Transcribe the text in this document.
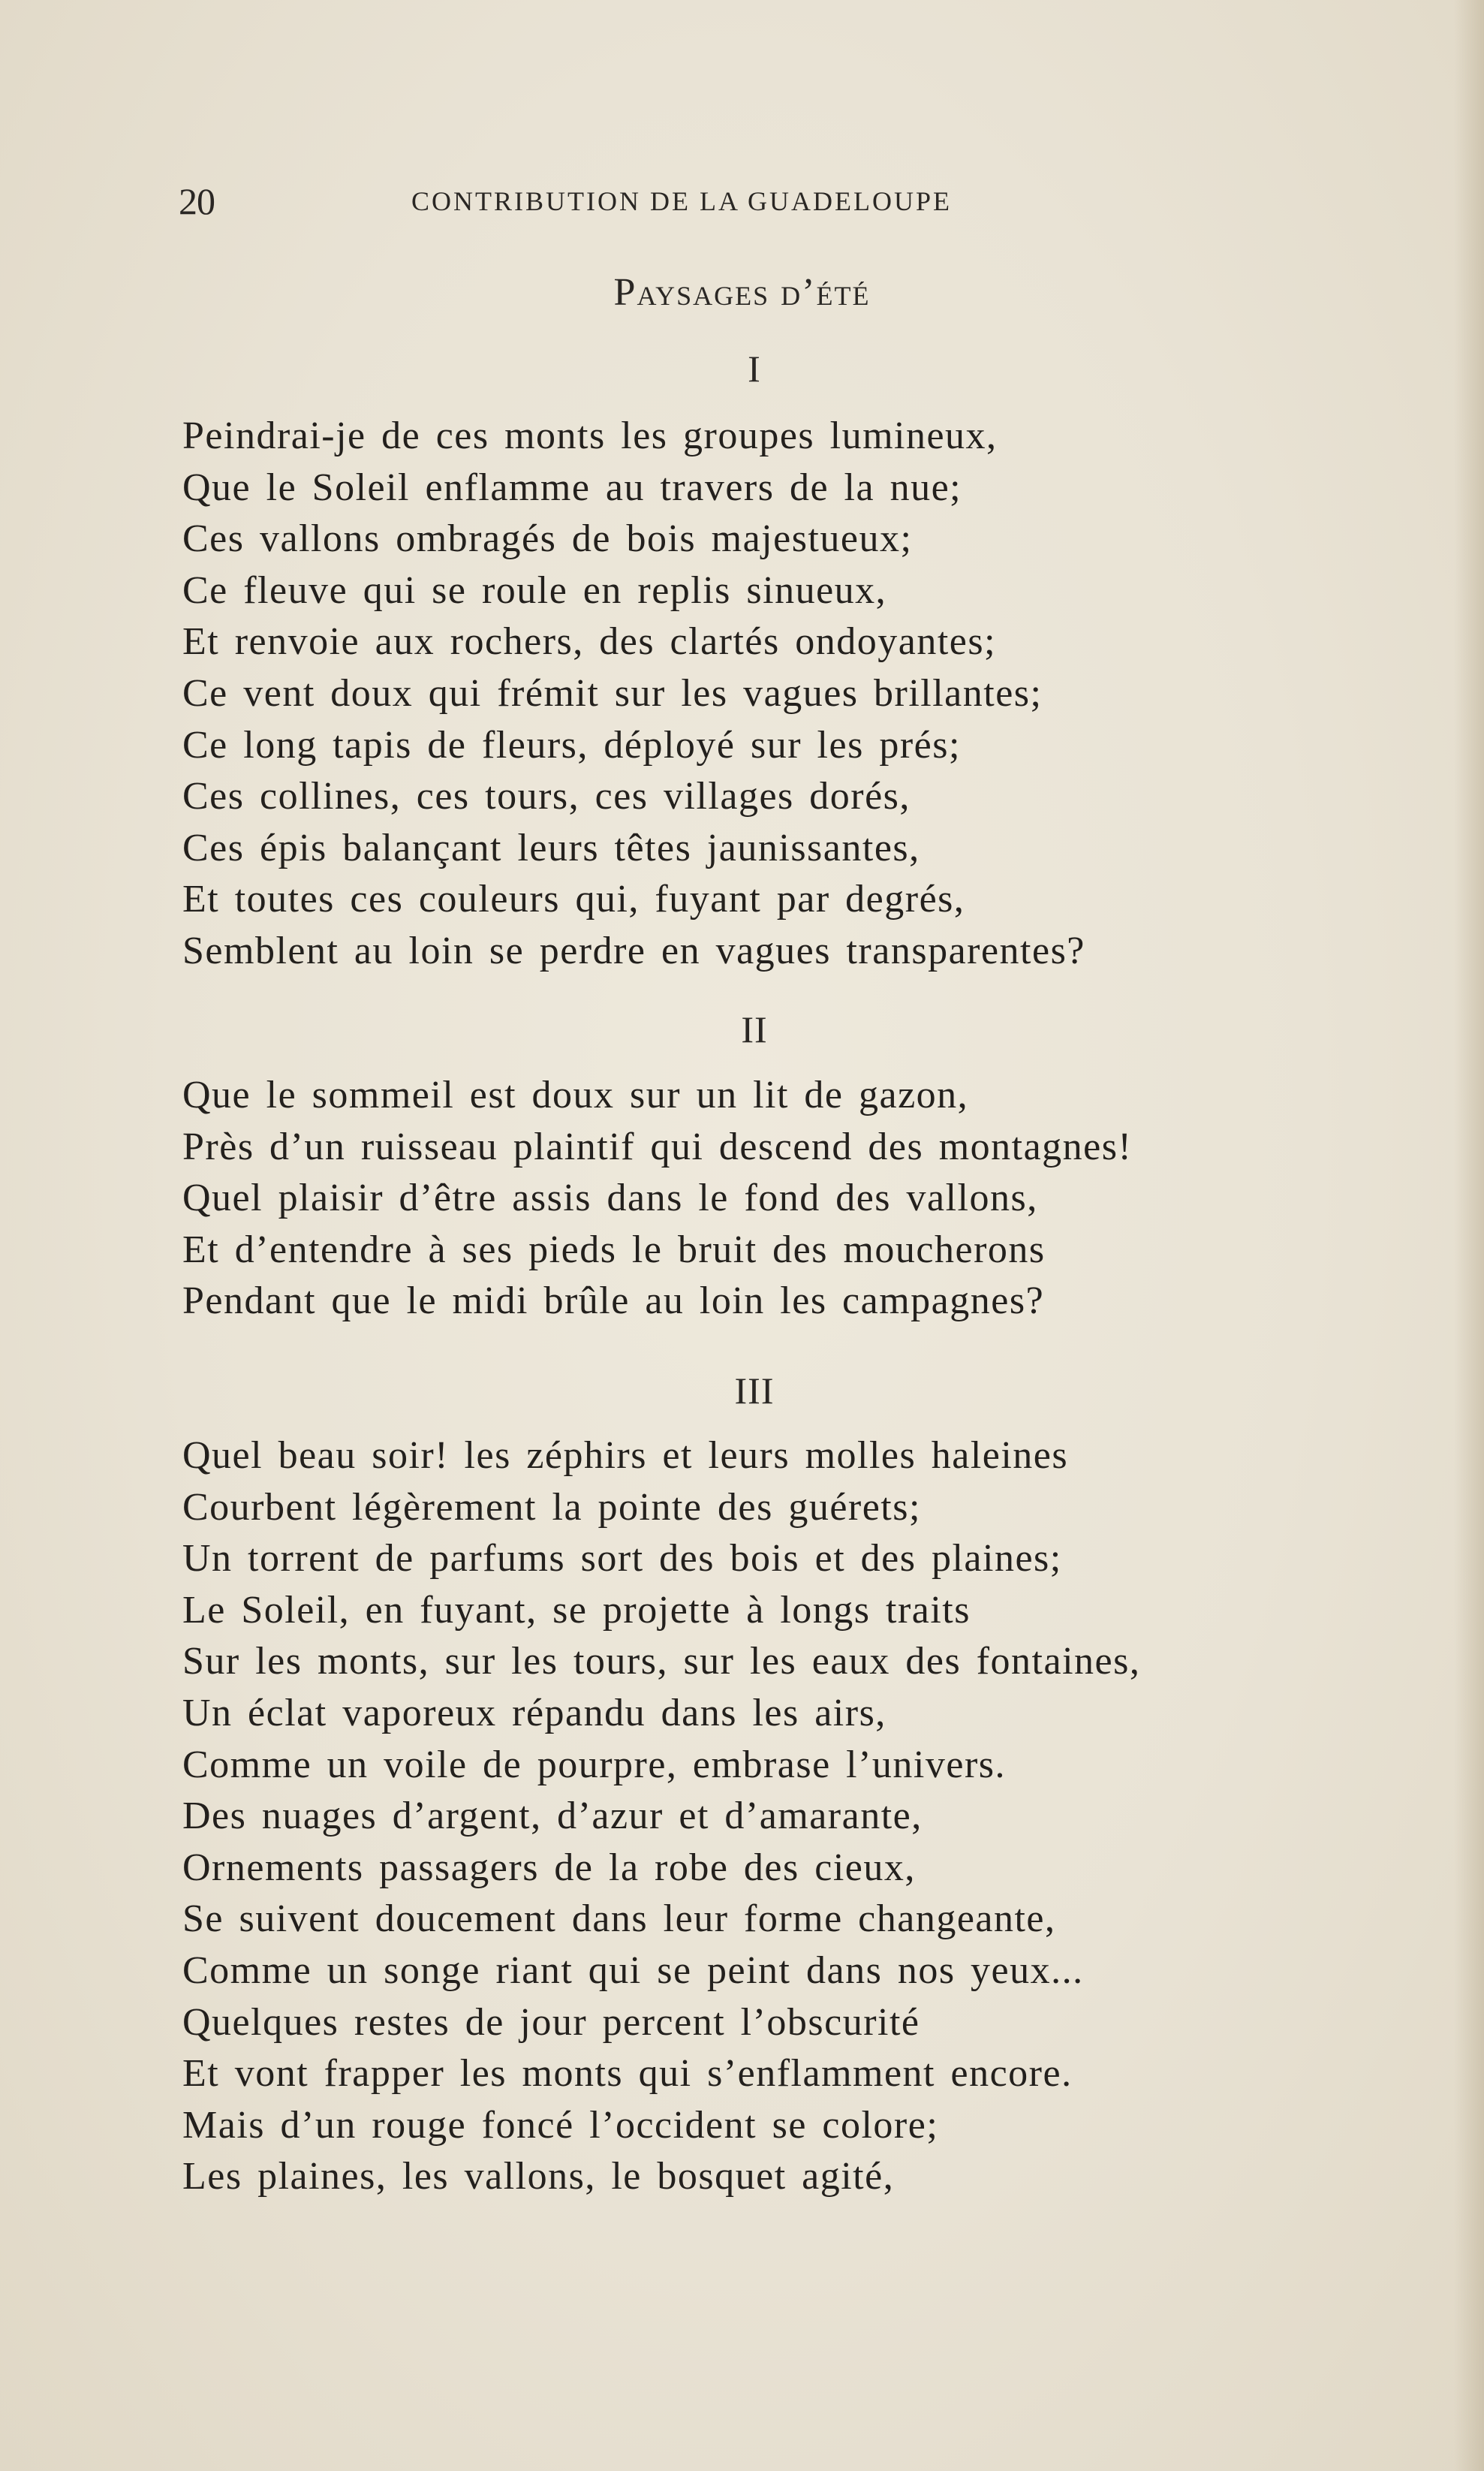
20	CONTRIBUTION DE LA GUADELOUPE
Paysages d’été
I
Peindrai-je de ces monts les groupes lumineux,
Que le Soleil enflamme au travers de la nue;
Ces vallons ombragés de bois majestueux;
Ce fleuve qui se roule en replis sinueux,
Et renvoie aux rochers, des clartés ondoyantes;
Ce vent doux qui frémit sur les vagues brillantes;
Ce long tapis de fleurs, déployé sur les prés;
Ces collines, ces tours, ces villages dorés,
Ces épis balançant leurs têtes jaunissantes,
Et toutes ces couleurs qui, fuyant par degrés,
Semblent au loin se perdre en vagues transparentes?
II
Que le sommeil est doux sur un lit de gazon,
Près d’un ruisseau plaintif qui descend des montagnes!
Quel plaisir d’être assis dans le fond des vallons,
Et d’entendre à ses pieds le bruit des moucherons
Pendant que le midi brûle au loin les campagnes?
III
Quel beau soir! les zéphirs et leurs molles haleines
Courbent légèrement la pointe des guérets;
Un torrent de parfums sort des bois et des plaines;
Le Soleil, en fuyant, se projette à longs traits
Sur les monts, sur les tours, sur les eaux des fontaines,
Un éclat vaporeux répandu dans les airs,
Comme un voile de pourpre, embrase l’univers.
Des nuages d’argent, d’azur et d’amarante,
Ornements passagers de la robe des cieux,
Se suivent doucement dans leur forme changeante,
Comme un songe riant qui se peint dans nos yeux...
Quelques restes de jour percent l’obscurité
Et vont frapper les monts qui s’enflamment encore.
Mais d’un rouge foncé l’occident se colore;
Les plaines, les vallons, le bosquet agité,
